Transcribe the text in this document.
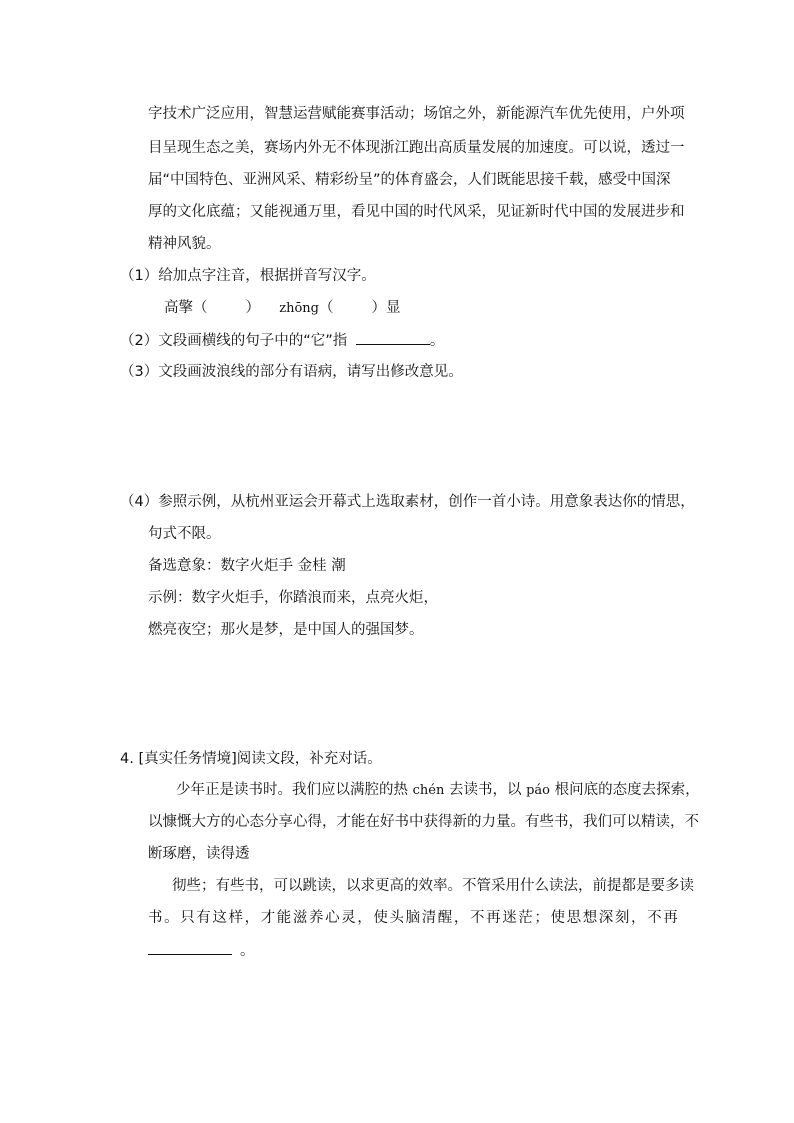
字技术广泛应用，智慧运营赋能赛事活动；场馆之外，新能源汽车优先使用，户外项
目呈现生态之美，赛场内外无不体现浙江跑出高质量发展的加速度。可以说，透过一
届“中国特色、亚洲风采、精彩纷呈”的体育盛会，人们既能思接千载，感受中国深
厚的文化底蕴；又能视通万里，看见中国的时代风采，见证新时代中国的发展进步和
精神风貌。
（1）给加点字注音，根据拼音写汉字。
高擎（	） zhōng（	）显
（2）文段画横线的句子中的“它”指	。
（3）文段画波浪线的部分有语病，请写出修改意见。
（4）参照示例，从杭州亚运会开幕式上选取素材，创作一首小诗。用意象表达你的情思，
句式不限。
备选意象：数字火炬手 金桂 潮
示例：数字火炬手，你踏浪而来，点亮火炬，
燃亮夜空；那火是梦，是中国人的强国梦。
4. [真实任务情境]阅读文段，补充对话。
少年正是读书时。我们应以满腔的热 chén 去读书，以 páo 根问底的态度去探索，
以慷慨大方的心态分享心得，才能在好书中获得新的力量。有些书，我们可以精读，不
断琢磨，读得透
彻些；有些书，可以跳读，以求更高的效率。不管采用什么读法，前提都是要多读
书。只有这样，才能滋养心灵，使头脑清醒，不再迷茫；使思想深刻，不再
。
